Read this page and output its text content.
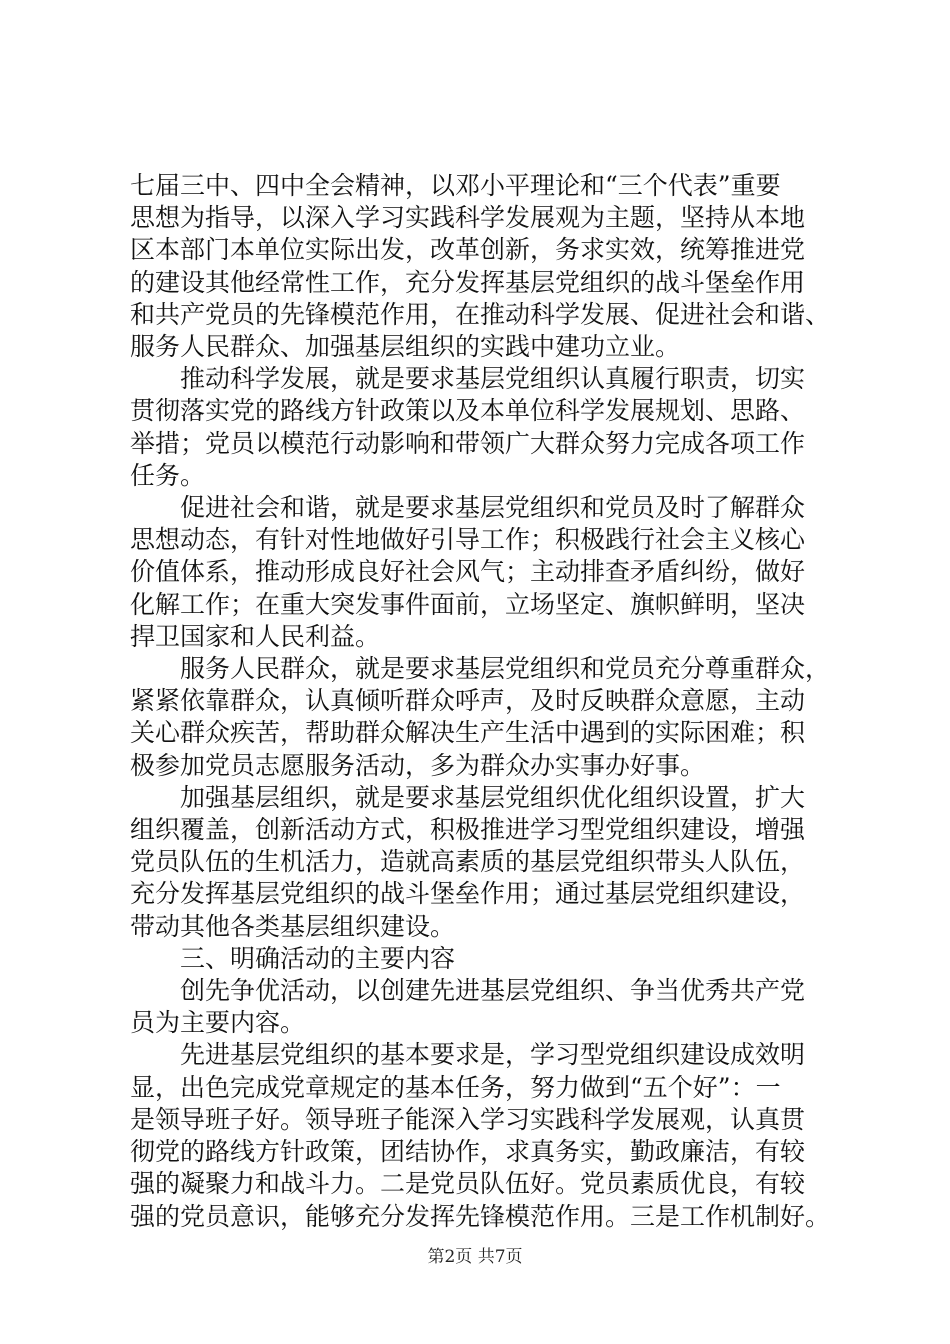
七届三中、四中全会精神，以邓小平理论和“三个代表”重要
思想为指导，以深入学习实践科学发展观为主题，坚持从本地
区本部门本单位实际出发，改革创新，务求实效，统筹推进党
的建设其他经常性工作，充分发挥基层党组织的战斗堡垒作用
和共产党员的先锋模范作用，在推动科学发展、促进社会和谐、
服务人民群众、加强基层组织的实践中建功立业。

推动科学发展，就是要求基层党组织认真履行职责，切实
贯彻落实党的路线方针政策以及本单位科学发展规划、思路、
举措；党员以模范行动影响和带领广大群众努力完成各项工作
任务。

促进社会和谐，就是要求基层党组织和党员及时了解群众
思想动态，有针对性地做好引导工作；积极践行社会主义核心
价值体系，推动形成良好社会风气；主动排查矛盾纠纷，做好
化解工作；在重大突发事件面前，立场坚定、旗帜鲜明，坚决
捍卫国家和人民利益。

服务人民群众，就是要求基层党组织和党员充分尊重群众，
紧紧依靠群众，认真倾听群众呼声，及时反映群众意愿，主动
关心群众疾苦，帮助群众解决生产生活中遇到的实际困难；积
极参加党员志愿服务活动，多为群众办实事办好事。

加强基层组织，就是要求基层党组织优化组织设置，扩大
组织覆盖，创新活动方式，积极推进学习型党组织建设，增强
党员队伍的生机活力，造就高素质的基层党组织带头人队伍，
充分发挥基层党组织的战斗堡垒作用；通过基层党组织建设，
带动其他各类基层组织建设。

三、明确活动的主要内容

创先争优活动，以创建先进基层党组织、争当优秀共产党
员为主要内容。

先进基层党组织的基本要求是，学习型党组织建设成效明
显，出色完成党章规定的基本任务，努力做到“五个好”：一
是领导班子好。领导班子能深入学习实践科学发展观，认真贯
彻党的路线方针政策，团结协作，求真务实，勤政廉洁，有较
强的凝聚力和战斗力。二是党员队伍好。党员素质优良，有较
强的党员意识，能够充分发挥先锋模范作用。三是工作机制好。

第2页 共7页
